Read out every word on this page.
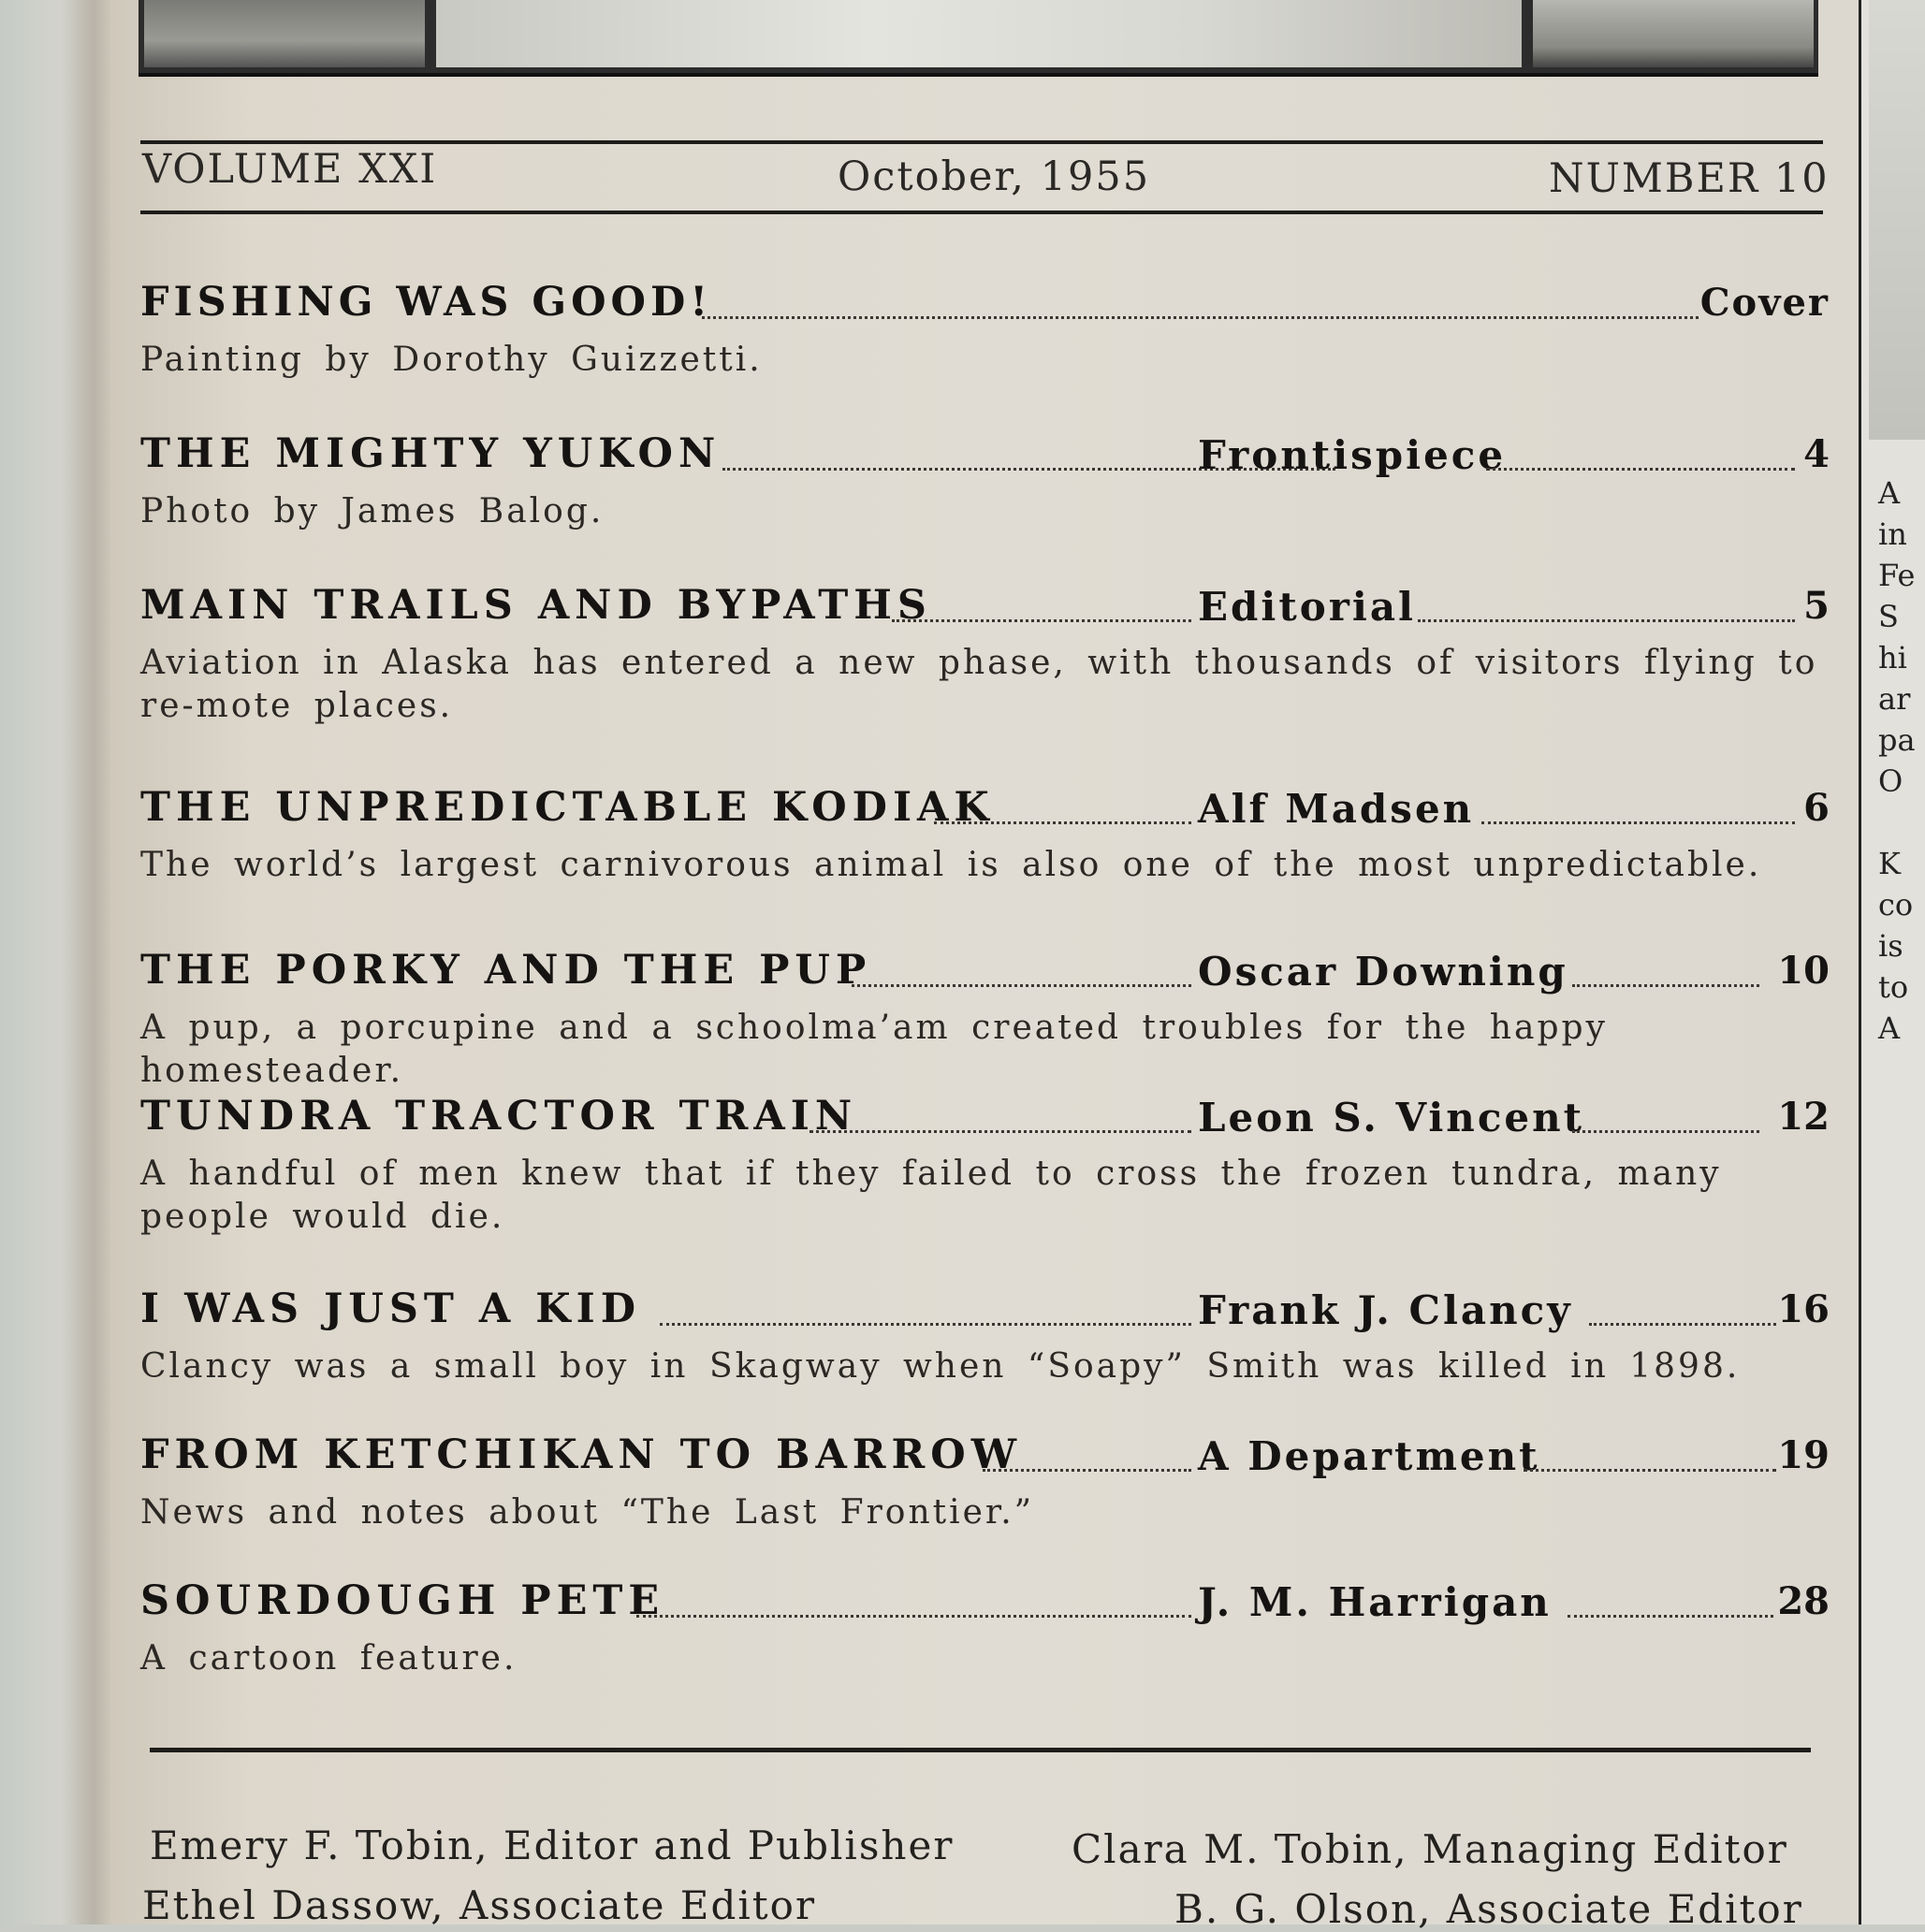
VOLUME XXI	October, 1955	NUMBER 10
FISHING WAS GOOD!	Cover
Painting by Dorothy Guizzetti.
THE MIGHTY YUKON	Frontispiece	4
Photo by James Balog.
MAIN TRAILS AND BYPATHS	Editorial	5
Aviation in Alaska has entered a new phase, with thousands of visitors flying to re-mote places.
THE UNPREDICTABLE KODIAK	Alf Madsen	6
The world’s largest carnivorous animal is also one of the most unpredictable.
THE PORKY AND THE PUP	Oscar Downing	10
A pup, a porcupine and a schoolma’am created troubles for the happy homesteader.
TUNDRA TRACTOR TRAIN	Leon S. Vincent	12
A handful of men knew that if they failed to cross the frozen tundra, many people would die.
I WAS JUST A KID	Frank J. Clancy	16
Clancy was a small boy in Skagway when “Soapy” Smith was killed in 1898.
FROM KETCHIKAN TO BARROW	A Department	19
News and notes about “The Last Frontier.”
SOURDOUGH PETE	J. M. Harrigan	28
A cartoon feature.
Emery F. Tobin, Editor and Publisher	Clara M. Tobin, Managing Editor
Ethel Dassow, Associate Editor	B. G. Olson, Associate Editor
A
in
Fe
S
hi
ar
pa
O

K
co
is
to
A
